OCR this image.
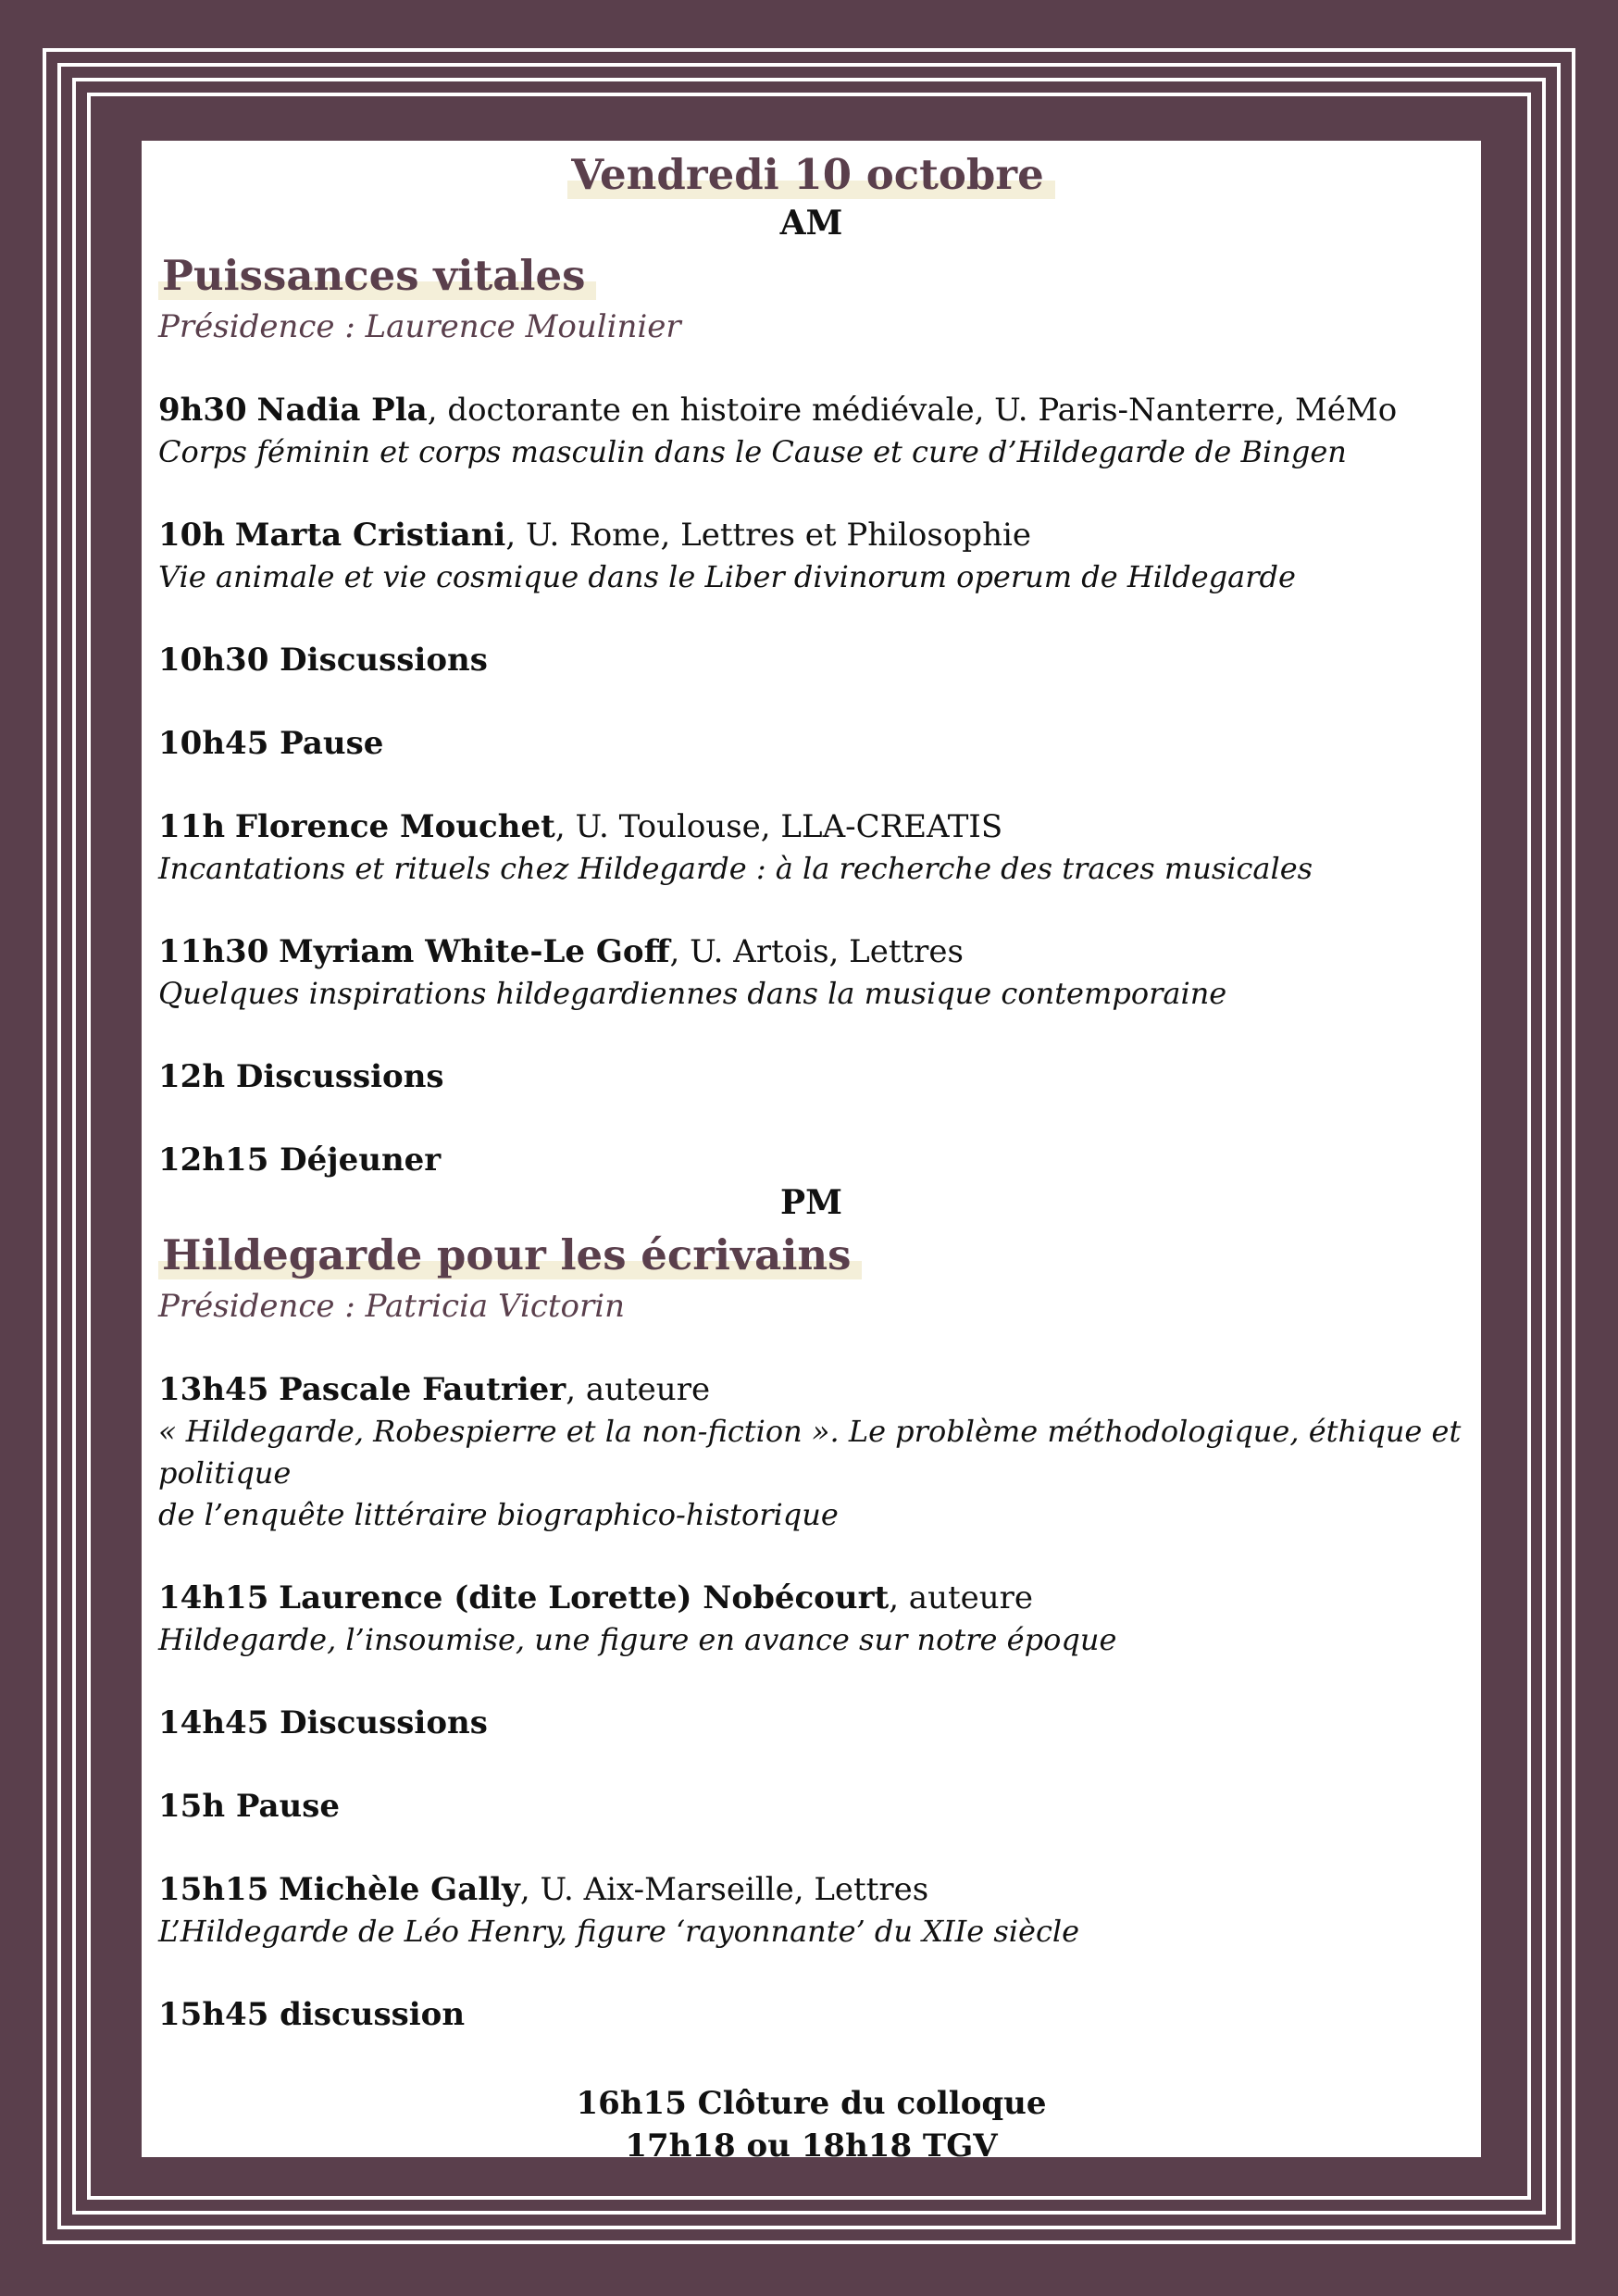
Vendredi 10 octobre
AM
Puissances vitales
Présidence : Laurence Moulinier
9h30 Nadia Pla, doctorante en histoire médiévale, U. Paris-Nanterre, MéMo
Corps féminin et corps masculin dans le Cause et cure d’Hildegarde de Bingen
10h Marta Cristiani, U. Rome, Lettres et Philosophie
Vie animale et vie cosmique dans le Liber divinorum operum de Hildegarde
10h30 Discussions
10h45 Pause
11h Florence Mouchet, U. Toulouse, LLA-CREATIS
Incantations et rituels chez Hildegarde : à la recherche des traces musicales
11h30 Myriam White-Le Goff, U. Artois, Lettres
Quelques inspirations hildegardiennes dans la musique contemporaine
12h Discussions
12h15 Déjeuner
PM
Hildegarde pour les écrivains
Présidence : Patricia Victorin
13h45 Pascale Fautrier, auteure
« Hildegarde, Robespierre et la non-fiction ». Le problème méthodologique, éthique et politique
de l’enquête littéraire biographico-historique
14h15 Laurence (dite Lorette) Nobécourt, auteure
Hildegarde, l’insoumise, une figure en avance sur notre époque
14h45 Discussions
15h Pause
15h15 Michèle Gally, U. Aix-Marseille, Lettres
L’Hildegarde de Léo Henry, figure ‘rayonnante’ du XIIe siècle
15h45 discussion
16h15 Clôture du colloque
17h18 ou 18h18 TGV
